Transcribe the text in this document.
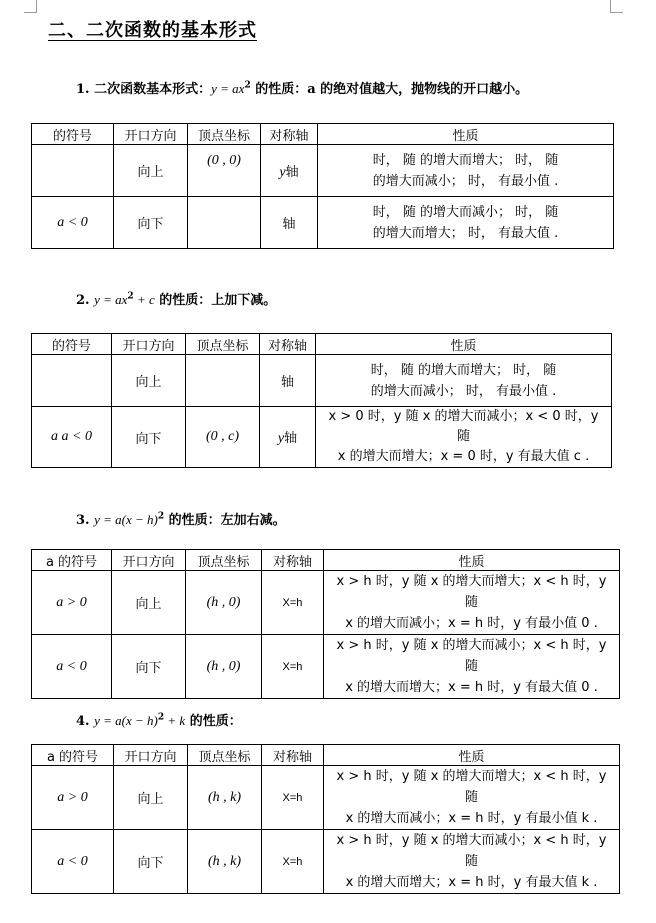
二、二次函数的基本形式
1. 二次函数基本形式：$y = ax^2$ 的性质：a 的绝对值越大，抛物线的开口越小。
的符号	开口方向	顶点坐标	对称轴	性质
	向上	(0 , 0)	y轴	时， 随 的增大而增大； 时， 随
的增大而减小； 时， 有最小值 .

a < 0	向下		轴	时， 随 的增大而减小； 时， 随
的增大而增大； 时， 有最大值 .
2. $y = ax^2 + c$ 的性质：上加下减。
的符号	开口方向	顶点坐标	对称轴	性质
	向上		轴	时， 随 的增大而增大； 时， 随
的增大而减小； 时， 有最小值 .

a a < 0	向下	(0 , c)	y轴	x > 0 时，y 随 x 的增大而减小；x < 0 时，y 随
x 的增大而增大；x = 0 时，y 有最大值 c .
3. $y = a(x - h)^2$ 的性质：左加右减。
a 的符号	开口方向	顶点坐标	对称轴	性质
a > 0	向上	(h , 0)	X=h	x > h 时，y 随 x 的增大而增大；x < h 时，y 随
x 的增大而减小；x = h 时，y 有最小值 0 .

a < 0	向下	(h , 0)	X=h	x > h 时，y 随 x 的增大而减小；x < h 时，y 随
x 的增大而增大；x = h 时，y 有最大值 0 .
4. $y = a(x - h)^2 + k$ 的性质：
a 的符号	开口方向	顶点坐标	对称轴	性质
a > 0	向上	(h , k)	X=h	x > h 时，y 随 x 的增大而增大；x < h 时，y 随
x 的增大而减小；x = h 时，y 有最小值 k .

a < 0	向下	(h , k)	X=h	x > h 时，y 随 x 的增大而减小；x < h 时，y 随
x 的增大而增大；x = h 时，y 有最大值 k .
